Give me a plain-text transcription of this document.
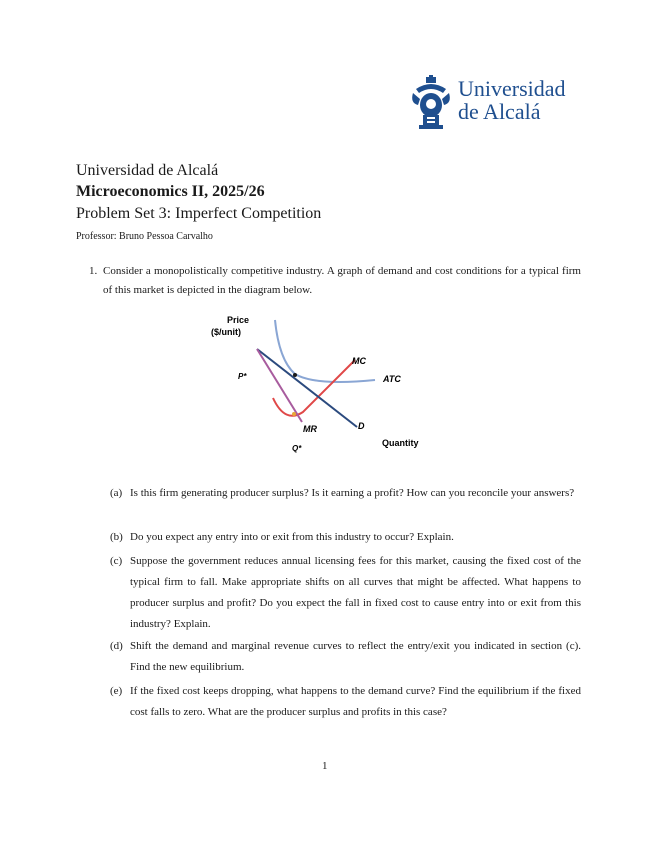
Universidad
de Alcalá
Universidad de Alcalá
Microeconomics II, 2025/26
Problem Set 3: Imperfect Competition
Professor: Bruno Pessoa Carvalho
1. Consider a monopolistically competitive industry. A graph of demand and cost conditions for a typical firm of this market is depicted in the diagram below.
Price
($/unit)
MC
ATC
P*
MR	D
Q*
Quantity
(a) Is this firm generating producer surplus? Is it earning a profit? How can you reconcile your answers?
(b) Do you expect any entry into or exit from this industry to occur? Explain.
(c) Suppose the government reduces annual licensing fees for this market, causing the fixed cost of the typical firm to fall. Make appropriate shifts on all curves that might be affected. What happens to producer surplus and profit? Do you expect the fall in fixed cost to cause entry into or exit from this industry? Explain.
(d) Shift the demand and marginal revenue curves to reflect the entry/exit you indicated in section (c). Find the new equilibrium.
(e) If the fixed cost keeps dropping, what happens to the demand curve? Find the equilibrium if the fixed cost falls to zero. What are the producer surplus and profits in this case?
1
